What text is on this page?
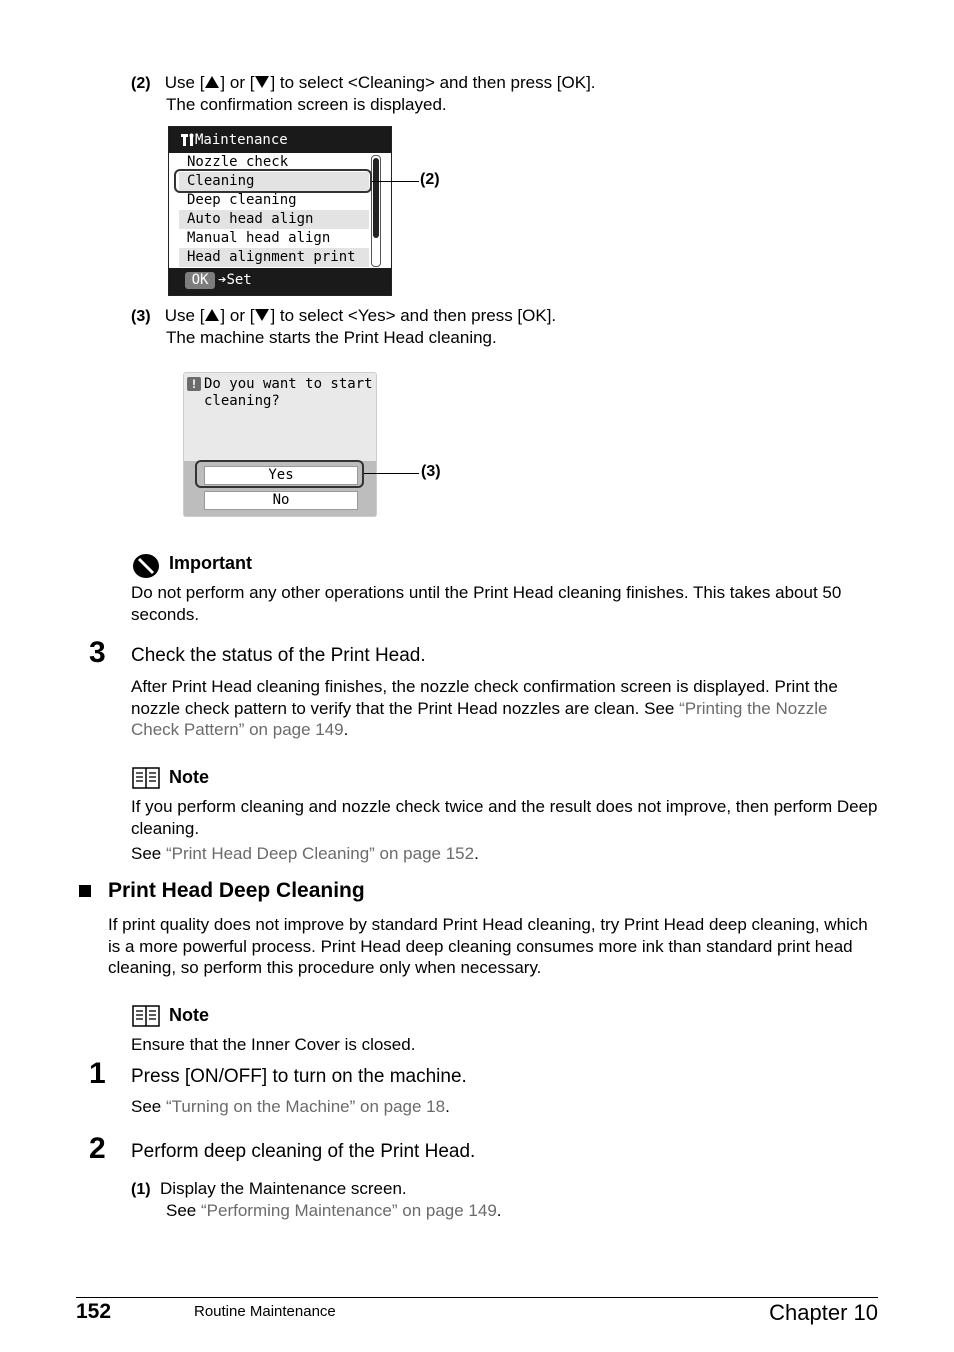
(2) Use [ ] or [ ] to select <Cleaning> and then press [OK].
The confirmation screen is displayed.
Maintenance
Nozzle check
Cleaning
Deep cleaning
Auto head align
Manual head align
Head alignment print
OK ➔Set
(2)
(3) Use [ ] or [ ] to select <Yes> and then press [OK].
The machine starts the Print Head cleaning.
! Do you want to start
cleaning?
Yes
No
(3)
Important
Do not perform any other operations until the Print Head cleaning finishes. This takes about 50 seconds.
3 Check the status of the Print Head.
After Print Head cleaning finishes, the nozzle check confirmation screen is displayed. Print the nozzle check pattern to verify that the Print Head nozzles are clean. See “Printing the Nozzle Check Pattern” on page 149.
Note
If you perform cleaning and nozzle check twice and the result does not improve, then perform Deep cleaning.
See “Print Head Deep Cleaning” on page 152.
Print Head Deep Cleaning
If print quality does not improve by standard Print Head cleaning, try Print Head deep cleaning, which is a more powerful process. Print Head deep cleaning consumes more ink than standard print head cleaning, so perform this procedure only when necessary.
Note
Ensure that the Inner Cover is closed.
1 Press [ON/OFF] to turn on the machine.
See “Turning on the Machine” on page 18.
2 Perform deep cleaning of the Print Head.
(1) Display the Maintenance screen.
See “Performing Maintenance” on page 149.
152	Routine Maintenance	Chapter 10
